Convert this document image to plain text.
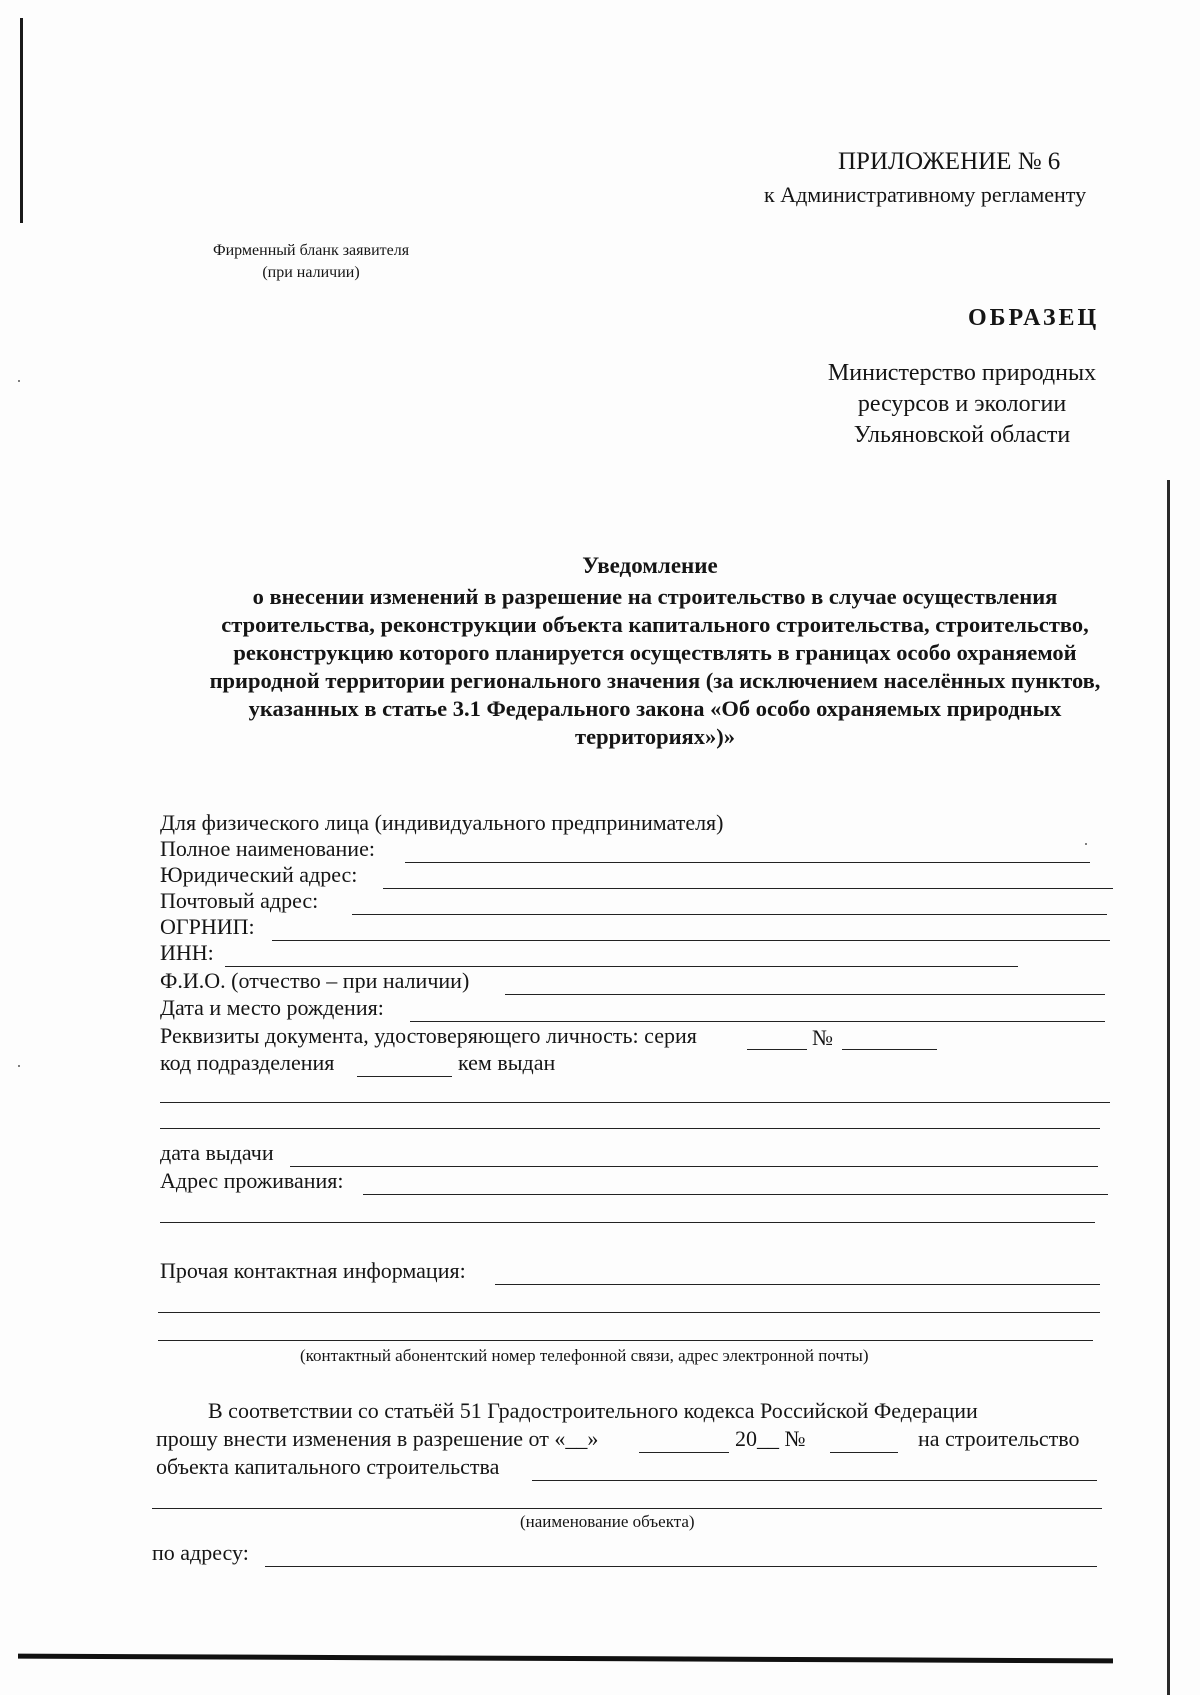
ПРИЛОЖЕНИЕ № 6
к Административному регламенту
Фирменный бланк заявителя
(при наличии)
ОБРАЗЕЦ
Министерство природных
ресурсов и экологии
Ульяновской области
Уведомление
о внесении изменений в разрешение на строительство в случае осуществления строительства, реконструкции объекта капитального строительства, строительство, реконструкцию которого планируется осуществлять в границах особо охраняемой природной территории регионального значения (за исключением населённых пунктов, указанных в статье 3.1 Федерального закона «Об особо охраняемых природных территориях»)»
Для физического лица (индивидуального предпринимателя)
Полное наименование:
Юридический адрес:
Почтовый адрес:
ОГРНИП:
ИНН:
Ф.И.О. (отчество – при наличии)
Дата и место рождения:
Реквизиты документа, удостоверяющего личность: серия	№
код подразделения	кем выдан
дата выдачи
Адрес проживания:
Прочая контактная информация:
(контактный абонентский номер телефонной связи, адрес электронной почты)
В соответствии со статьёй 51 Градостроительного кодекса Российской Федерации
прошу внести изменения в разрешение от «__»	20__ №	на строительство
объекта капитального строительства
(наименование объекта)
по адресу:
